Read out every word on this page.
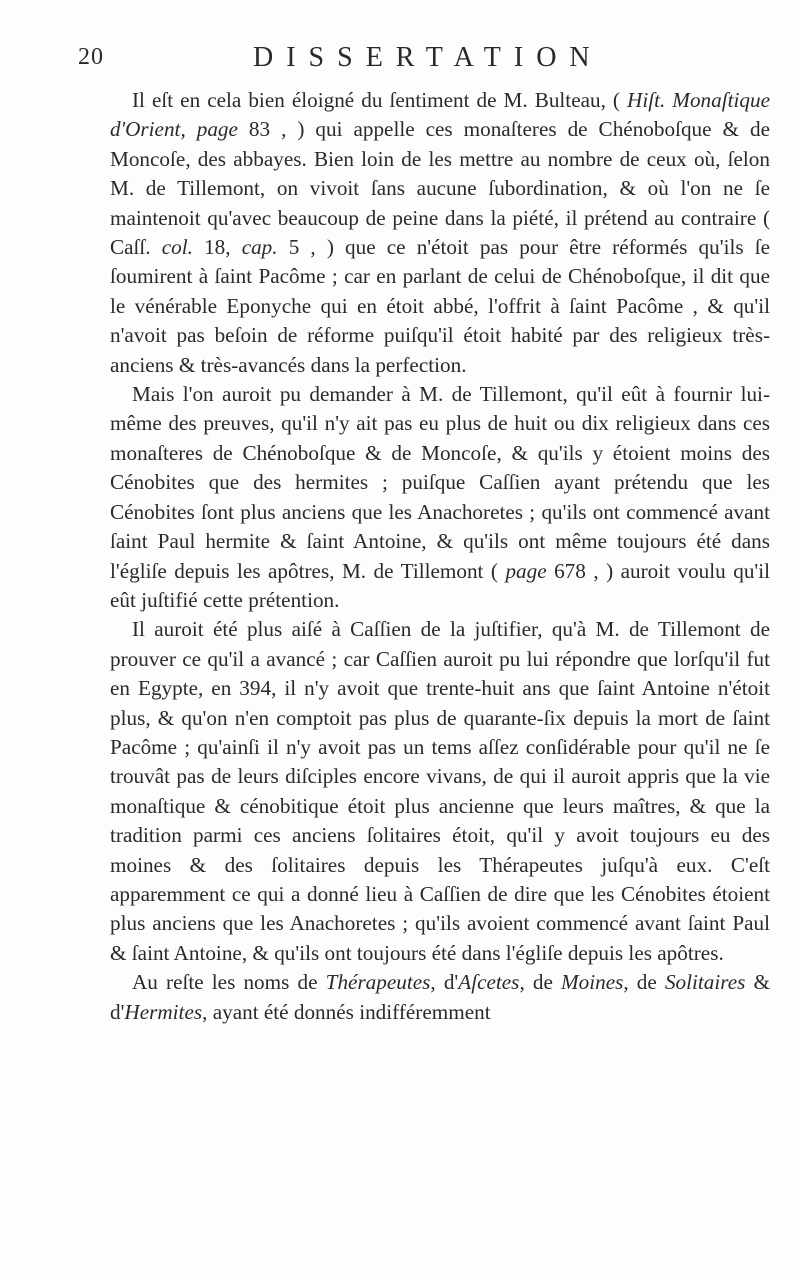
20	DISSERTATION

Il eſt en cela bien éloigné du ſentiment de M. Bulteau, ( Hiſt. Monaſtique d'Orient, page 83 , ) qui appelle ces monaſteres de Chénoboſque & de Moncoſe, des abbayes. Bien loin de les mettre au nombre de ceux où, ſelon M. de Tillemont, on vivoit ſans aucune ſubordination, & où l'on ne ſe maintenoit qu'avec beaucoup de peine dans la piété, il prétend au contraire ( Caſſ. col. 18, cap. 5 , ) que ce n'étoit pas pour être réformés qu'ils ſe ſoumirent à ſaint Pacôme ; car en parlant de celui de Chénoboſque, il dit que le vénérable Eponyche qui en étoit abbé, l'offrit à ſaint Pacôme , & qu'il n'avoit pas beſoin de réforme puiſqu'il étoit habité par des religieux très-anciens & très-avancés dans la perfection.

Mais l'on auroit pu demander à M. de Tillemont, qu'il eût à fournir lui-même des preuves, qu'il n'y ait pas eu plus de huit ou dix religieux dans ces monaſteres de Chénoboſque & de Moncoſe, & qu'ils y étoient moins des Cénobites que des hermites ; puiſque Caſſien ayant prétendu que les Cénobites ſont plus anciens que les Anachoretes ; qu'ils ont commencé avant ſaint Paul hermite & ſaint Antoine, & qu'ils ont même toujours été dans l'égliſe depuis les apôtres, M. de Tillemont ( page 678 , ) auroit voulu qu'il eût juſtifié cette prétention.

Il auroit été plus aiſé à Caſſien de la juſtifier, qu'à M. de Tillemont de prouver ce qu'il a avancé ; car Caſſien auroit pu lui répondre que lorſqu'il fut en Egypte, en 394, il n'y avoit que trente-huit ans que ſaint Antoine n'étoit plus, & qu'on n'en comptoit pas plus de quarante-ſix depuis la mort de ſaint Pacôme ; qu'ainſi il n'y avoit pas un tems aſſez conſidérable pour qu'il ne ſe trouvât pas de leurs diſciples encore vivans, de qui il auroit appris que la vie monaſtique & cénobitique étoit plus ancienne que leurs maîtres, & que la tradition parmi ces anciens ſolitaires étoit, qu'il y avoit toujours eu des moines & des ſolitaires depuis les Thérapeutes juſqu'à eux. C'eſt apparemment ce qui a donné lieu à Caſſien de dire que les Cénobites étoient plus anciens que les Anachoretes ; qu'ils avoient commencé avant ſaint Paul & ſaint Antoine, & qu'ils ont toujours été dans l'égliſe depuis les apôtres.

Au reſte les noms de Thérapeutes, d'Aſcetes, de Moines, de Solitaires & d'Hermites, ayant été donnés indifféremment
